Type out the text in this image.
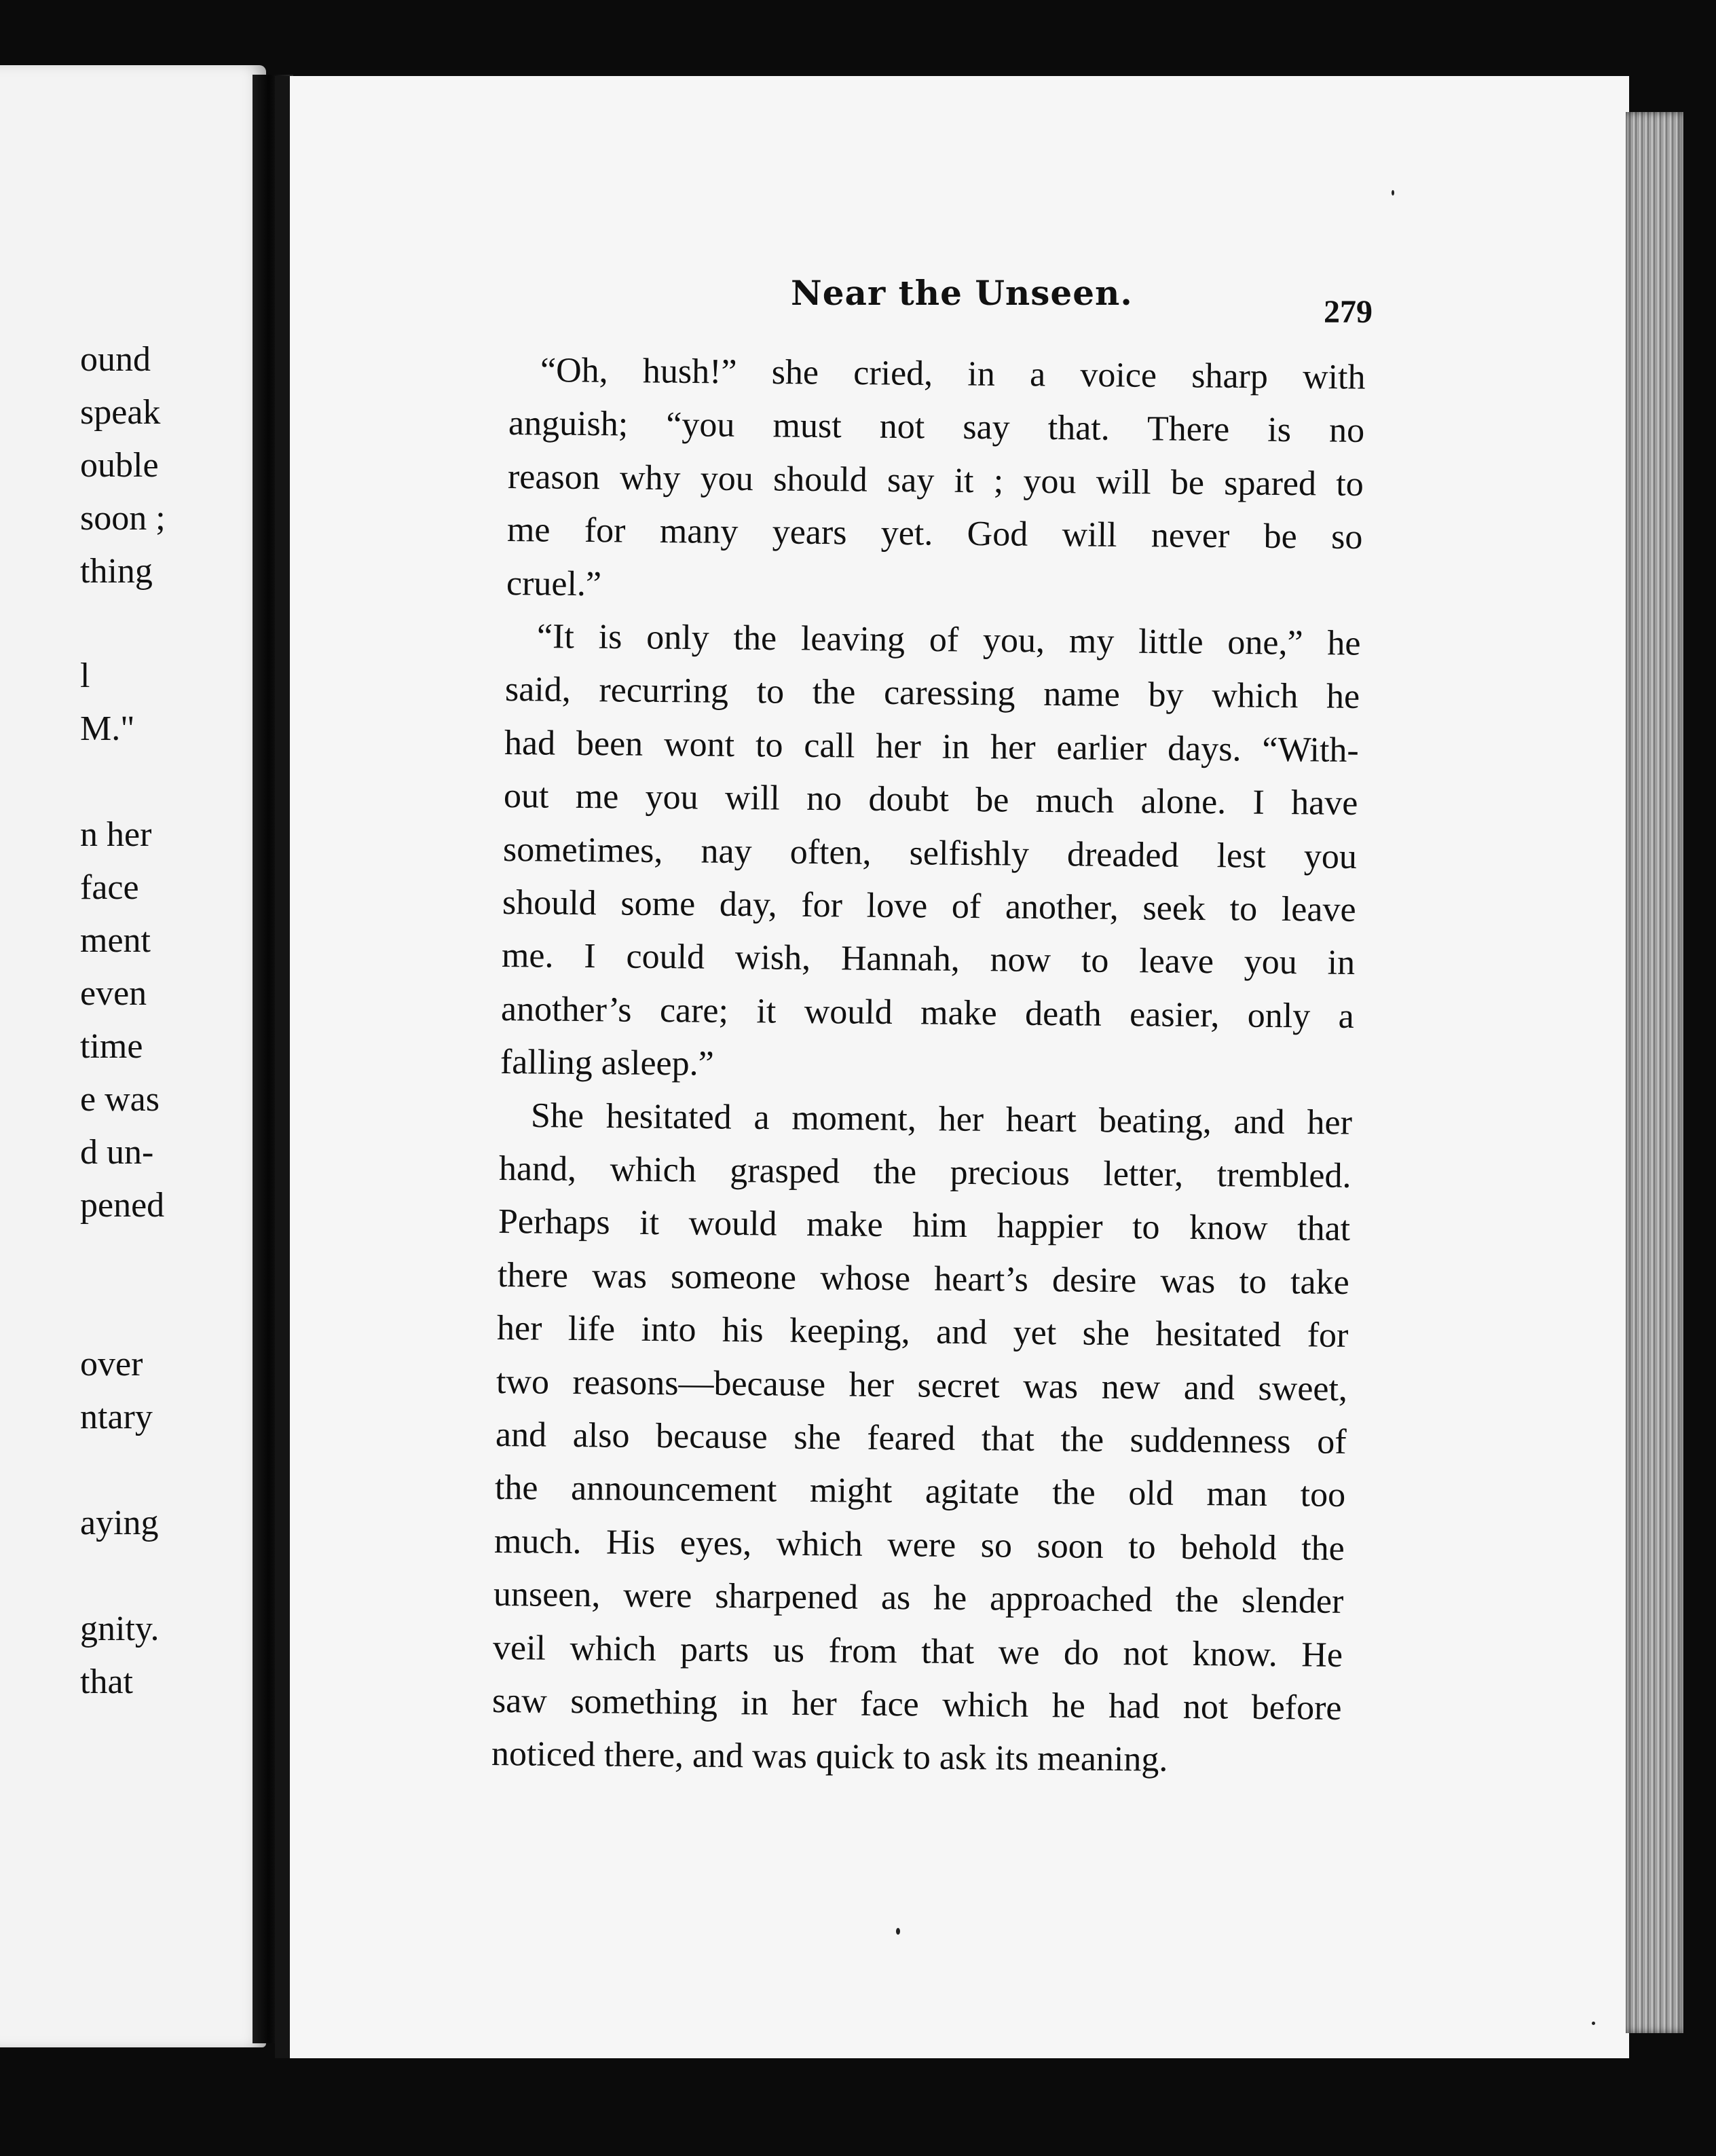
ound
speak
ouble
soon ;
thing
l
M."
n her
face
ment
even
time
e was
d un-
pened
over
ntary
aying
gnity.
that
Near the Unseen.	279
“Oh, hush!” she cried, in a voice sharp with
anguish; “you must not say that. There is no
reason why you should say it ; you will be spared to
me for many years yet. God will never be so
cruel.”
“It is only the leaving of you, my little one,” he
said, recurring to the caressing name by which he
had been wont to call her in her earlier days. “With-
out me you will no doubt be much alone. I have
sometimes, nay often, selfishly dreaded lest you
should some day, for love of another, seek to leave
me. I could wish, Hannah, now to leave you in
another’s care; it would make death easier, only a
falling asleep.”
She hesitated a moment, her heart beating, and her
hand, which grasped the precious letter, trembled.
Perhaps it would make him happier to know that
there was someone whose heart’s desire was to take
her life into his keeping, and yet she hesitated for
two reasons—because her secret was new and sweet,
and also because she feared that the suddenness of
the announcement might agitate the old man too
much. His eyes, which were so soon to behold the
unseen, were sharpened as he approached the slender
veil which parts us from that we do not know. He
saw something in her face which he had not before
noticed there, and was quick to ask its meaning.
